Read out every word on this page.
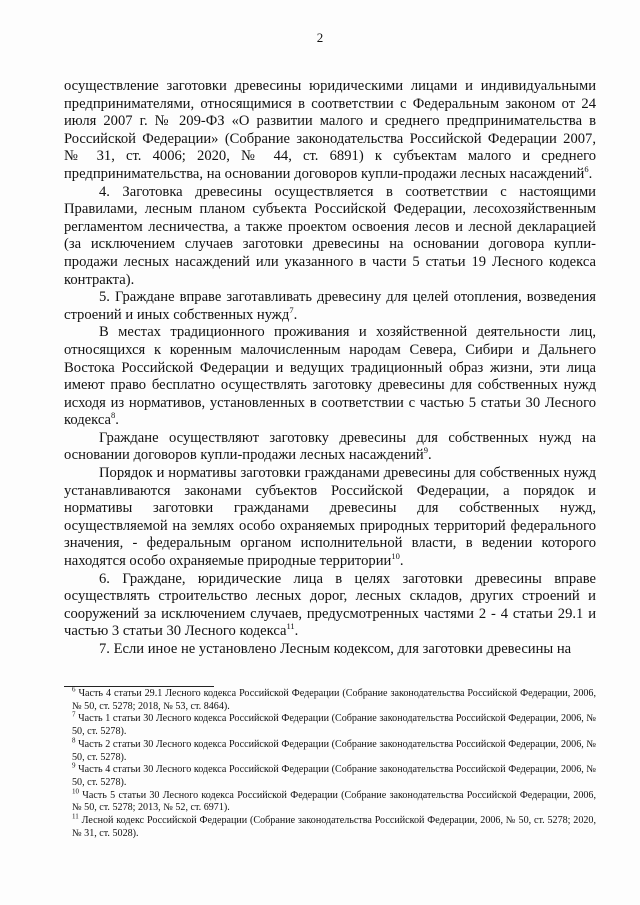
2

осуществление заготовки древесины юридическими лицами и индивидуальными предпринимателями, относящимися в соответствии с Федеральным законом от 24 июля 2007 г. № 209-ФЗ «О развитии малого и среднего предпринимательства в Российской Федерации» (Собрание законодательства Российской Федерации 2007, № 31, ст. 4006; 2020, № 44, ст. 6891) к субъектам малого и среднего предпринимательства, на основании договоров купли-продажи лесных насаждений$^6$.

4. Заготовка древесины осуществляется в соответствии с настоящими Правилами, лесным планом субъекта Российской Федерации, лесохозяйственным регламентом лесничества, а также проектом освоения лесов и лесной декларацией (за исключением случаев заготовки древесины на основании договора купли-продажи лесных насаждений или указанного в части 5 статьи 19 Лесного кодекса контракта).

5. Граждане вправе заготавливать древесину для целей отопления, возведения строений и иных собственных нужд$^7$.

В местах традиционного проживания и хозяйственной деятельности лиц, относящихся к коренным малочисленным народам Севера, Сибири и Дальнего Востока Российской Федерации и ведущих традиционный образ жизни, эти лица имеют право бесплатно осуществлять заготовку древесины для собственных нужд исходя из нормативов, установленных в соответствии с частью 5 статьи 30 Лесного кодекса$^8$.

Граждане осуществляют заготовку древесины для собственных нужд на основании договоров купли-продажи лесных насаждений$^9$.

Порядок и нормативы заготовки гражданами древесины для собственных нужд устанавливаются законами субъектов Российской Федерации, а порядок и нормативы заготовки гражданами древесины для собственных нужд, осуществляемой на землях особо охраняемых природных территорий федерального значения, - федеральным органом исполнительной власти, в ведении которого находятся особо охраняемые природные территории$^{10}$.

6. Граждане, юридические лица в целях заготовки древесины вправе осуществлять строительство лесных дорог, лесных складов, других строений и сооружений за исключением случаев, предусмотренных частями 2 - 4 статьи 29.1 и частью 3 статьи 30 Лесного кодекса$^{11}$.

7. Если иное не установлено Лесным кодексом, для заготовки древесины на

$^6$ Часть 4 статьи 29.1 Лесного кодекса Российской Федерации (Собрание законодательства Российской Федерации, 2006, № 50, ст. 5278; 2018, № 53, ст. 8464).

$^7$ Часть 1 статьи 30 Лесного кодекса Российской Федерации (Собрание законодательства Российской Федерации, 2006, № 50, ст. 5278).

$^8$ Часть 2 статьи 30 Лесного кодекса Российской Федерации (Собрание законодательства Российской Федерации, 2006, № 50, ст. 5278).

$^9$ Часть 4 статьи 30 Лесного кодекса Российской Федерации (Собрание законодательства Российской Федерации, 2006, № 50, ст. 5278).

$^{10}$ Часть 5 статьи 30 Лесного кодекса Российской Федерации (Собрание законодательства Российской Федерации, 2006, № 50, ст. 5278; 2013, № 52, ст. 6971).

$^{11}$ Лесной кодекс Российской Федерации (Собрание законодательства Российской Федерации, 2006, № 50, ст. 5278; 2020, № 31, ст. 5028).
